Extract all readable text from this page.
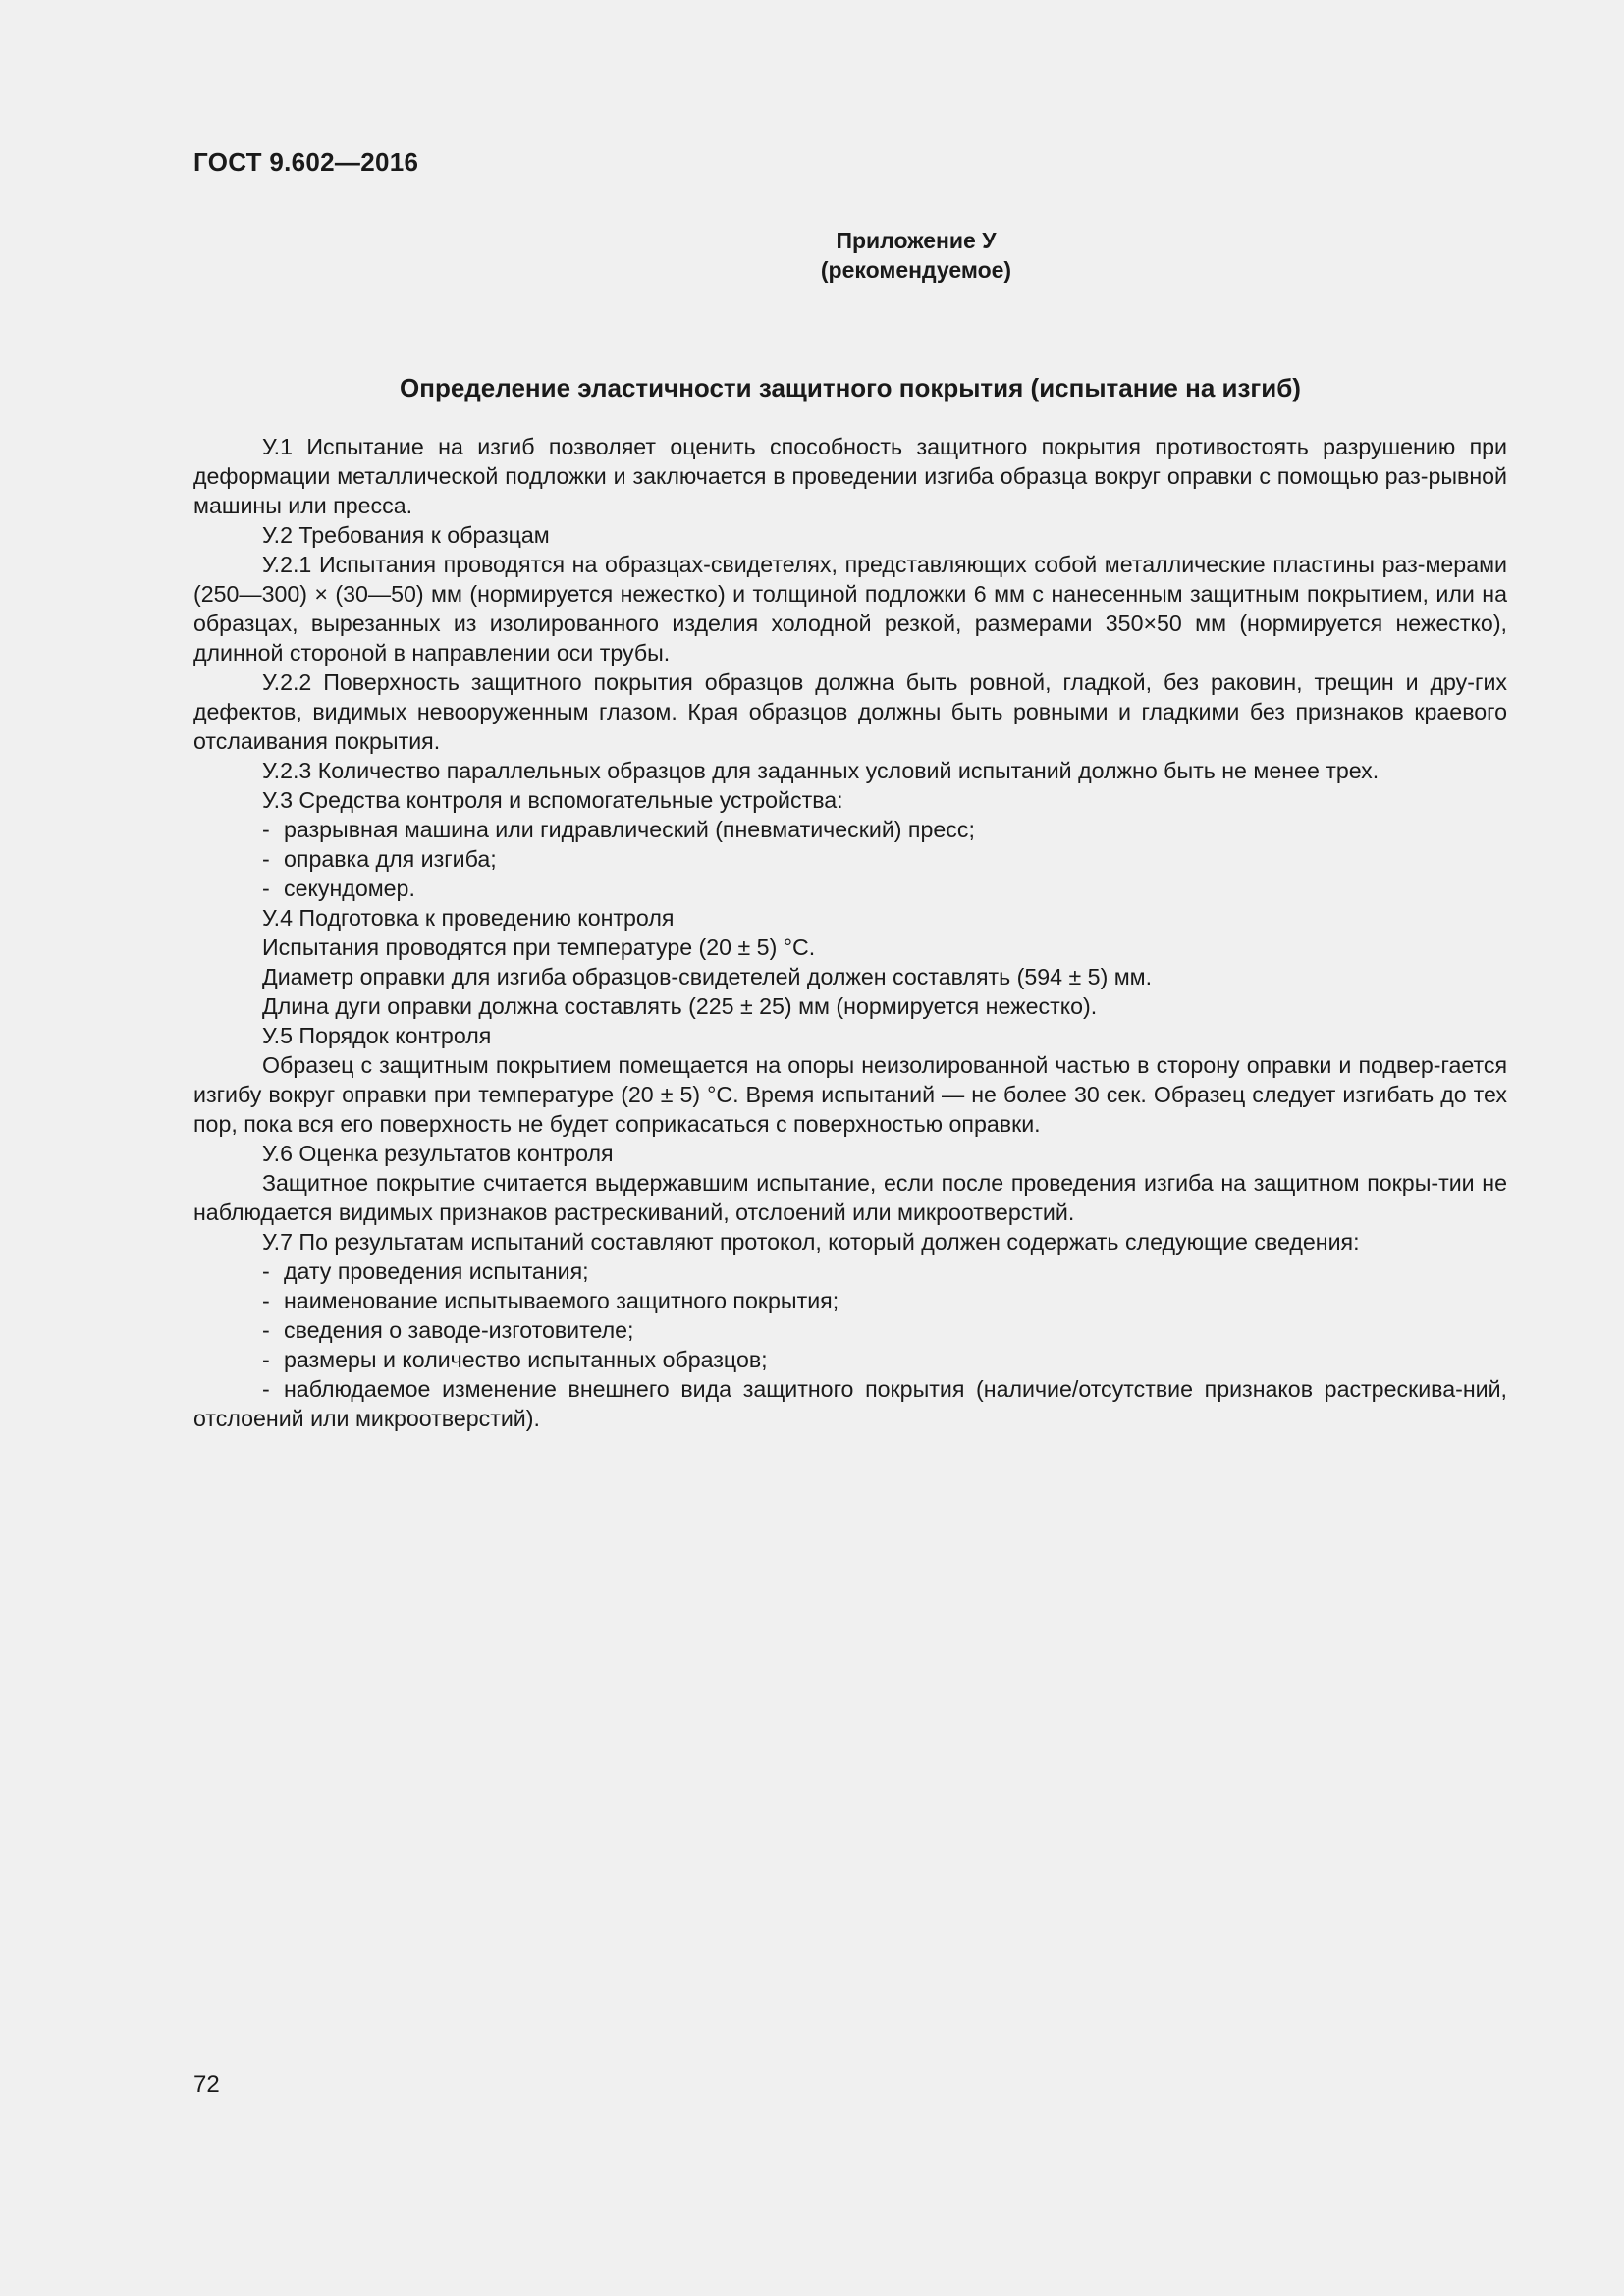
ГОСТ 9.602—2016
Приложение У
(рекомендуемое)
Определение эластичности защитного покрытия (испытание на изгиб)

У.1 Испытание на изгиб позволяет оценить способность защитного покрытия противостоять разрушению при деформации металлической подложки и заключается в проведении изгиба образца вокруг оправки с помощью раз-рывной машины или пресса.

У.2 Требования к образцам

У.2.1 Испытания проводятся на образцах-свидетелях, представляющих собой металлические пластины раз-мерами (250—300) × (30—50) мм (нормируется нежестко) и толщиной подложки 6 мм с нанесенным защитным покрытием, или на образцах, вырезанных из изолированного изделия холодной резкой, размерами 350×50 мм (нормируется нежестко), длинной стороной в направлении оси трубы.

У.2.2 Поверхность защитного покрытия образцов должна быть ровной, гладкой, без раковин, трещин и дру-гих дефектов, видимых невооруженным глазом. Края образцов должны быть ровными и гладкими без признаков краевого отслаивания покрытия.

У.2.3 Количество параллельных образцов для заданных условий испытаний должно быть не менее трех.

У.3 Средства контроля и вспомогательные устройства:

- разрывная машина или гидравлический (пневматический) пресс;

- оправка для изгиба;

- секундомер.

У.4 Подготовка к проведению контроля

Испытания проводятся при температуре (20 ± 5) °С.

Диаметр оправки для изгиба образцов-свидетелей должен составлять (594 ± 5) мм.

Длина дуги оправки должна составлять (225 ± 25) мм (нормируется нежестко).

У.5 Порядок контроля

Образец с защитным покрытием помещается на опоры неизолированной частью в сторону оправки и подвер-гается изгибу вокруг оправки при температуре (20 ± 5) °С. Время испытаний — не более 30 сек. Образец следует изгибать до тех пор, пока вся его поверхность не будет соприкасаться с поверхностью оправки.

У.6 Оценка результатов контроля

Защитное покрытие считается выдержавшим испытание, если после проведения изгиба на защитном покры-тии не наблюдается видимых признаков растрескиваний, отслоений или микроотверстий.

У.7 По результатам испытаний составляют протокол, который должен содержать следующие сведения:

- дату проведения испытания;

- наименование испытываемого защитного покрытия;

- сведения о заводе-изготовителе;

- размеры и количество испытанных образцов;

- наблюдаемое изменение внешнего вида защитного покрытия (наличие/отсутствие признаков растрескива-ний, отслоений или микроотверстий).

72
